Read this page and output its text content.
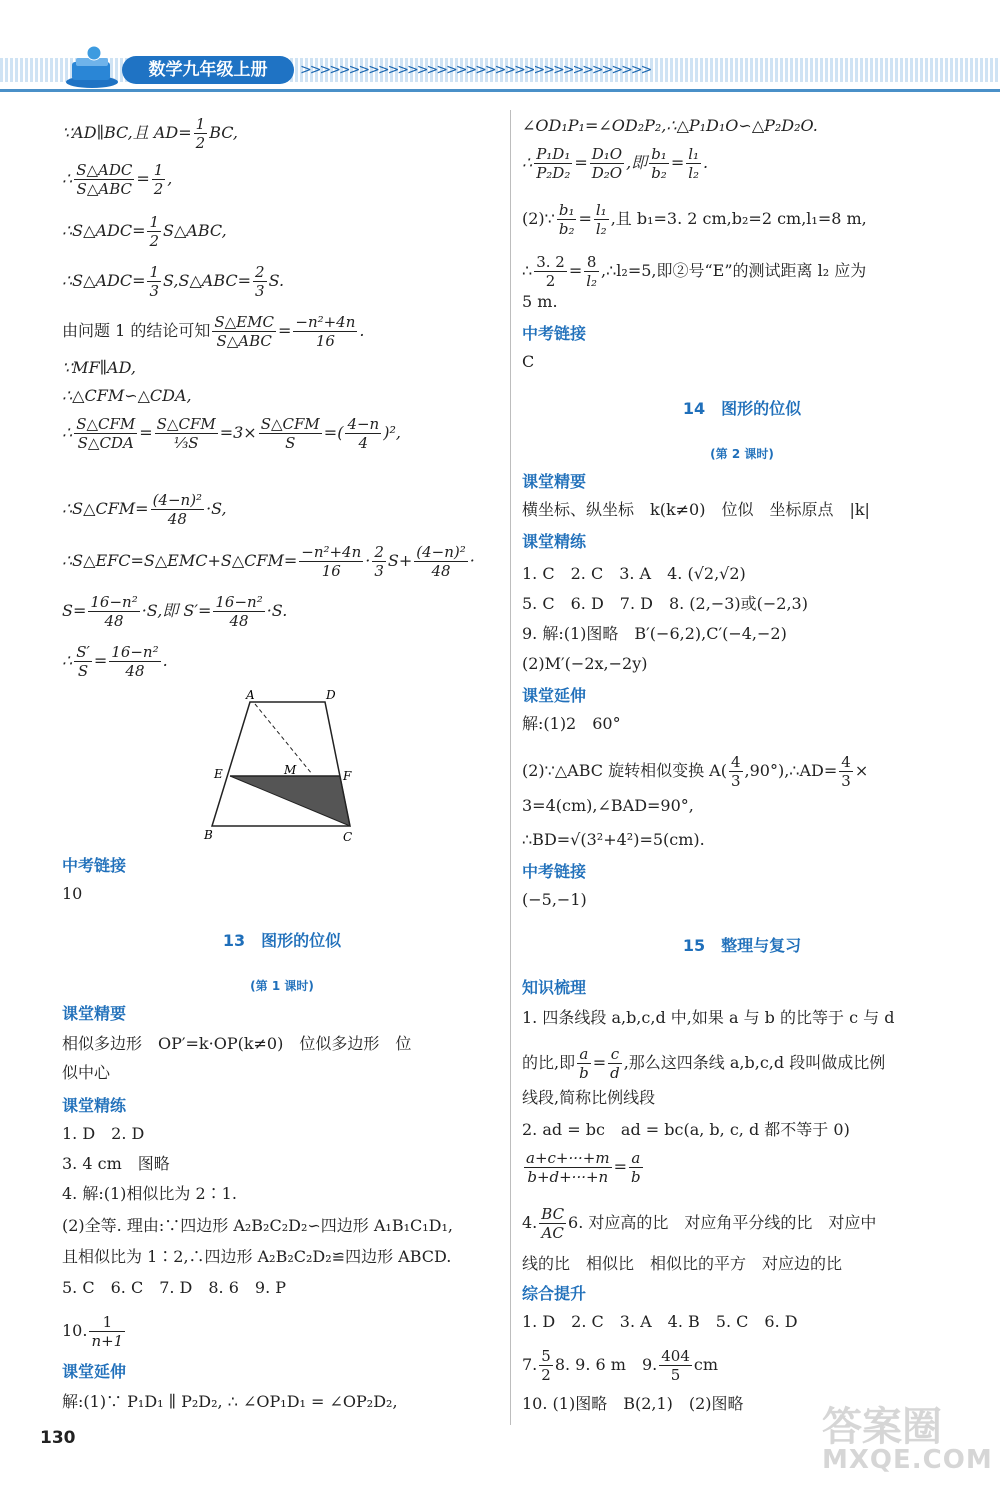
>>>>>>>>>>>>>>>>>>>>>>>>>>>>>>>>>>>>
数学九年级上册
∵AD∥BC,且 $AD= \frac{1}{2}$ BC,
∴ S△ADC
S△ABC
= $\frac{1}{2}$ ,
∴S△ADC= $\frac{1}{2}$ S△ABC,
∴S△ADC= $\frac{1}{3}$ S,S△ABC= $\frac{2}{3} S$.
由问题 1 的结论可知 S△EMC
S△ABC
= $\frac{\text{−n²+4n}}{16}$ .
∵MF∥AD,
∴△CFM∽△CDA,
∴ S△CFM
S△CDA
= S△CFM
⅓S
=3× S△CFM
S
=( $\frac{4-n}{4} )^2$,
∴S△CFM= $\frac{\text{(4−n)²}}{48} \cdot S$,
∴S△EFC=S△EMC+S△CFM= $\frac{\text{−n²+4n}}{16} \cdot \frac{2}{3} S+ \frac{\text{(4−n)²}}{48}$ ·
$S= \frac{\text{16−n²}}{48} \cdot S$,即 $S'= \frac{\text{16−n²}}{48} \cdot S$.
∴ $\frac{S'}{S} = \frac{\text{16−n²}}{48}$ .
中考链接
10
13　图形的位似
(第 1 课时)
课堂精要
相似多边形　OP′=k·OP(k≠0)　位似多边形　位
似中心
课堂精练
1. D　2. D
3. 4 cm　图略
4. 解:(1)相似比为 2∶1.
(2)全等. 理由:∵四边形 A₂B₂C₂D₂∽四边形 A₁B₁C₁D₁,
且相似比为 1∶2,∴四边形 A₂B₂C₂D₂≌四边形 ABCD.
5. C　6. C　7. D　8. 6　9. P
10. $\frac{1}{n+1}$
课堂延伸
解:(1)∵ P₁D₁ ∥ P₂D₂, ∴ ∠OP₁D₁ = ∠OP₂D₂,
A	D
E	M	F
B	C
∠OD₁P₁=∠OD₂P₂,∴△P₁D₁O∽△P₂D₂O.
∴ $\frac{\text{P₁D₁}}{\text{P₂D₂}} = \frac{\text{D₁O}}{\text{D₂O}}$ ,即 $\frac{\text{b₁}}{\text{b₂}} = \frac{\text{l₁}}{\text{l₂}}$ .
(2)∵ $\frac{\text{b₁}}{\text{b₂}} = \frac{\text{l₁}}{\text{l₂}}$ ,且 b₁=3. 2 cm,b₂=2 cm,l₁=8 m,
∴ $\frac{3. 2}{2} = \frac{8}{\text{l₂}}$ ,∴l₂=5,即②号“E”的测试距离 l₂ 应为
5 m.
中考链接
C
14　图形的位似
(第 2 课时)
课堂精要
横坐标、纵坐标　k(k≠0)　位似　坐标原点　|k|
课堂精练
1. C　2. C　3. A　4. (√2,√2)
5. C　6. D　7. D　8. (2,−3)或(−2,3)
9. 解:(1)图略　B′(−6,2),C′(−4,−2)
(2)M′(−2x,−2y)
课堂延伸
解:(1)2　60°
(2)∵△ABC 旋转相似变换 $A( \frac{4}{3}$ ,90°),∴AD= $\frac{4}{3}$ ×
3=4(cm),∠BAD=90°,
∴BD=√(3²+4²)=5(cm).
中考链接
(−5,−1)
15　整理与复习
知识梳理
1. 四条线段 a,b,c,d 中,如果 a 与 b 的比等于 c 与 d
的比,即 $\frac{a}{b} = \frac{c}{d}$ ,那么这四条线 a,b,c,d 段叫做成比例
线段,简称比例线段
2. ad = bc　ad = bc(a, b, c, d 都不等于 0)
$\frac{a+c+\cdot\cdot\cdot+m}{b+d+\cdot\cdot\cdot+n} = \frac{a}{b}$
4. $\frac{BC}{AC} 6$. 对应高的比　对应角平分线的比　对应中
线的比　相似比　相似比的平方　对应边的比
综合提升
1. D　2. C　3. A　4. B　5. C　6. D
7. $\frac{5}{2} 8$. 9. 6 m　9. $\frac{404}{5}$ cm
10. (1)图略　B(2,1)　(2)图略
130	答案圈
MXQE.COM
